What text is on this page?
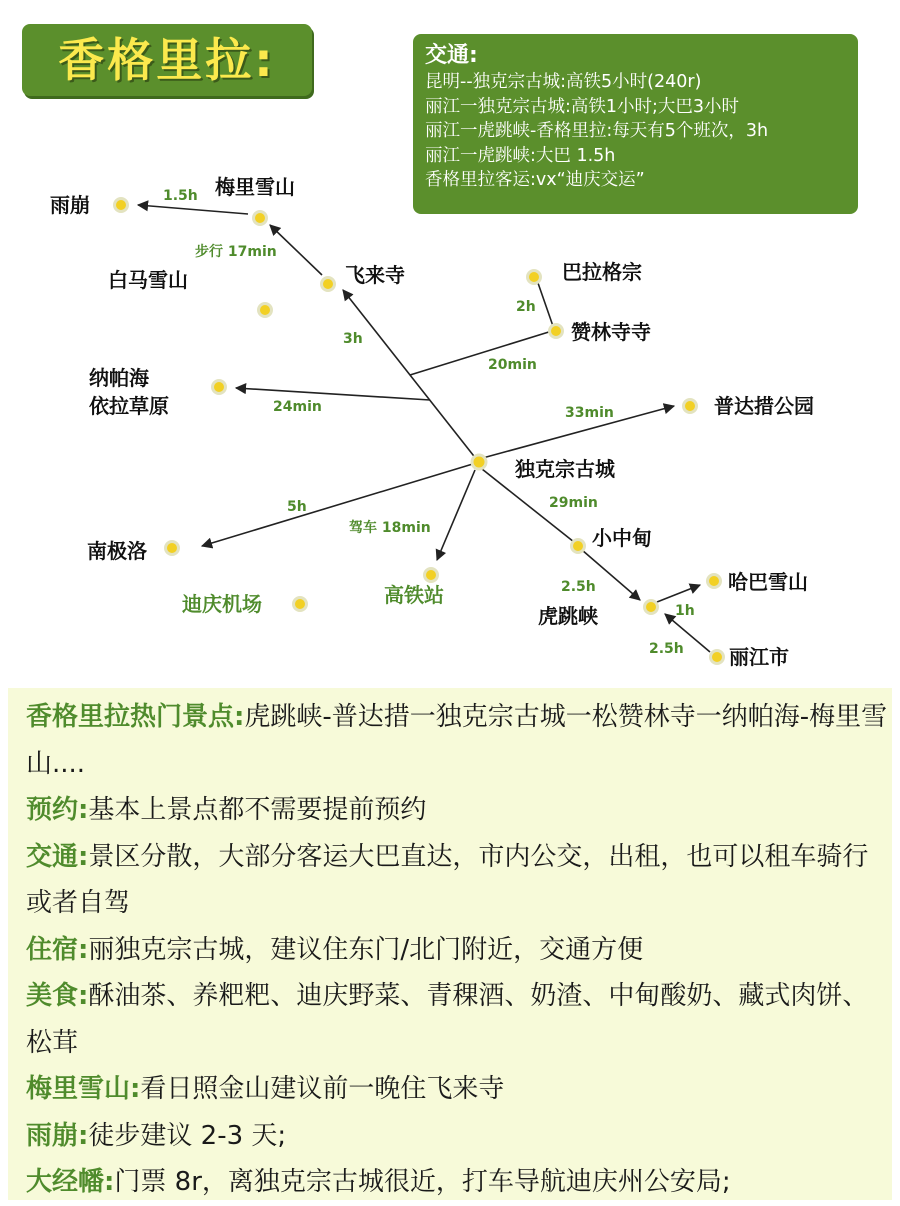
香格里拉:	交通:
昆明--独克宗古城:高铁5小时(240r)
丽江一独克宗古城:高铁1小时;大巴3小时
丽江一虎跳峡-香格里拉:每天有5个班次，3h
丽江一虎跳峡:大巴 1.5h
香格里拉客运:vx“迪庆交运”
雨崩
梅里雪山
白马雪山	飞来寺	巴拉格宗
赞林寺寺
纳帕海
依拉草原	普达措公园
独克宗古城
南极洛
小中甸
哈巴雪山
虎跳峡
丽江市
迪庆机场	高铁站
1.5h
步行 17min
3h
2h
20min
24min	33min
5h
驾车 18min
29min
2.5h
1h
2.5h

香格里拉热门景点:虎跳峡-普达措一独克宗古城一松赞林寺一纳帕海-梅里雪山....

预约:基本上景点都不需要提前预约

交通:景区分散，大部分客运大巴直达，市内公交，出租，也可以租车骑行或者自驾

住宿:丽独克宗古城，建议住东门/北门附近，交通方便

美食:酥油茶、养粑粑、迪庆野菜、青稞酒、奶渣、中甸酸奶、藏式肉饼、松茸

梅里雪山:看日照金山建议前一晚住飞来寺

雨崩:徒步建议 2-3 天;

大经幡:门票 8r，离独克宗古城很近，打车导航迪庆州公安局;
